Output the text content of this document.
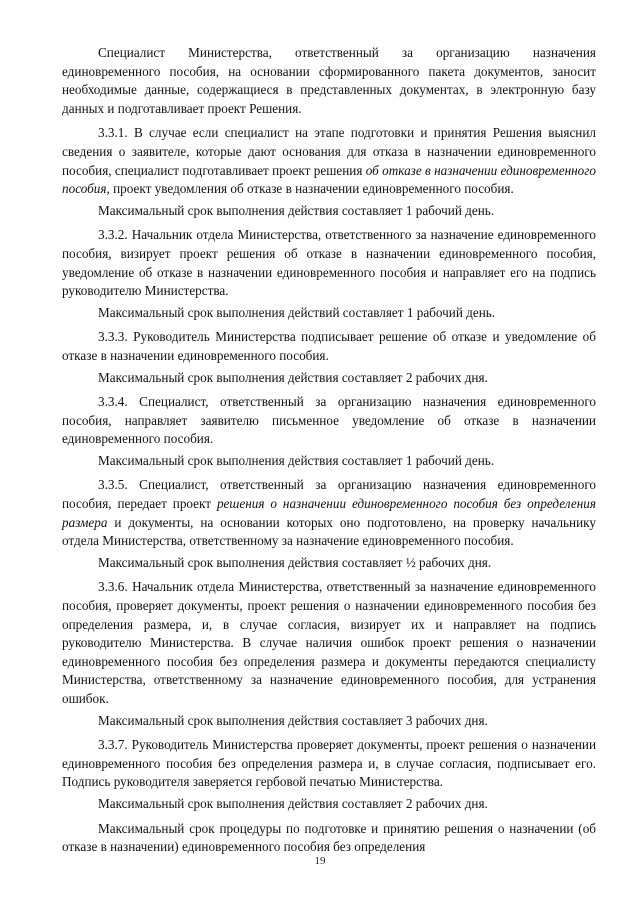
Специалист Министерства, ответственный за организацию назначения единовременного пособия, на основании сформированного пакета документов, заносит необходимые данные, содержащиеся в представленных документах, в электронную базу данных и подготавливает проект Решения.

3.3.1. В случае если специалист на этапе подготовки и принятия Решения выяснил сведения о заявителе, которые дают основания для отказа в назначении единовременного пособия, специалист подготавливает проект решения об отказе в назначении единовременного пособия, проект уведомления об отказе в назначении единовременного пособия.

Максимальный срок выполнения действия составляет 1 рабочий день.

3.3.2. Начальник отдела Министерства, ответственного за назначение единовременного пособия, визирует проект решения об отказе в назначении единовременного пособия, уведомление об отказе в назначении единовременного пособия и направляет его на подпись руководителю Министерства.

Максимальный срок выполнения действий составляет 1 рабочий день.

3.3.3. Руководитель Министерства подписывает решение об отказе и уведомление об отказе в назначении единовременного пособия.

Максимальный срок выполнения действия составляет 2 рабочих дня.

3.3.4. Специалист, ответственный за организацию назначения единовременного пособия, направляет заявителю письменное уведомление об отказе в назначении единовременного пособия.

Максимальный срок выполнения действия составляет 1 рабочий день.

3.3.5. Специалист, ответственный за организацию назначения единовременного пособия, передает проект решения о назначении единовременного пособия без определения размера и документы, на основании которых оно подготовлено, на проверку начальнику отдела Министерства, ответственному за назначение единовременного пособия.

Максимальный срок выполнения действия составляет ½ рабочих дня.

3.3.6. Начальник отдела Министерства, ответственный за назначение единовременного пособия, проверяет документы, проект решения о назначении единовременного пособия без определения размера, и, в случае согласия, визирует их и направляет на подпись руководителю Министерства. В случае наличия ошибок проект решения о назначении единовременного пособия без определения размера и документы передаются специалисту Министерства, ответственному за назначение единовременного пособия, для устранения ошибок.

Максимальный срок выполнения действия составляет 3 рабочих дня.

3.3.7. Руководитель Министерства проверяет документы, проект решения о назначении единовременного пособия без определения размера и, в случае согласия, подписывает его. Подпись руководителя заверяется гербовой печатью Министерства.

Максимальный срок выполнения действия составляет 2 рабочих дня.

Максимальный срок процедуры по подготовке и принятию решения о назначении (об отказе в назначении) единовременного пособия без определения

19
